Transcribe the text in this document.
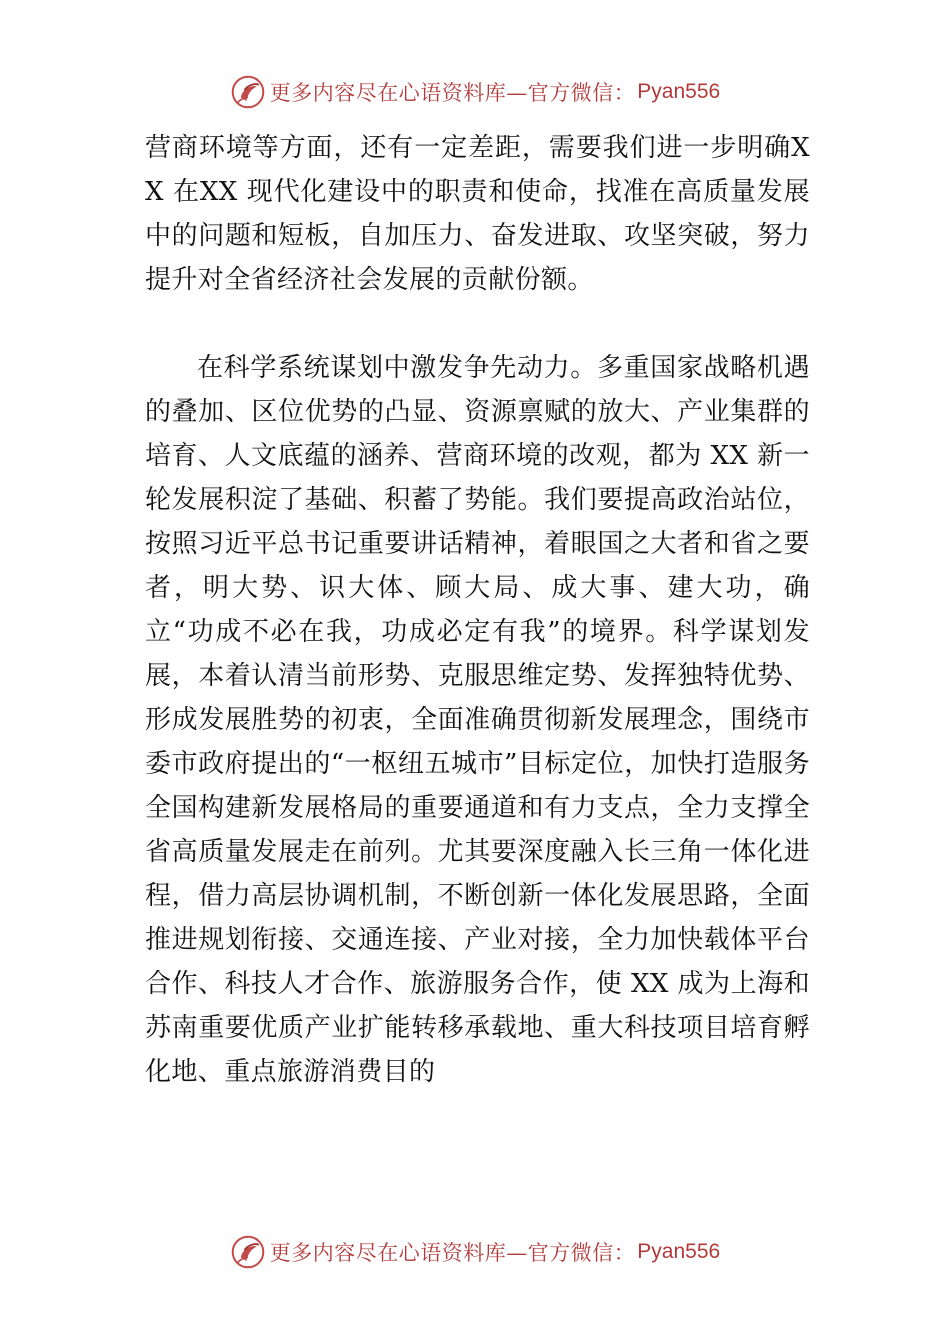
更多内容尽在心语资料库—官方微信： Pyan556

营商环境等方面，还有一定差距，需要我们进一步明确XX 在XX 现代化建设中的职责和使命，找准在高质量发展中的问题和短板，自加压力、奋发进取、攻坚突破，努力提升对全省经济社会发展的贡献份额。

在科学系统谋划中激发争先动力。多重国家战略机遇的叠加、区位优势的凸显、资源禀赋的放大、产业集群的培育、人文底蕴的涵养、营商环境的改观，都为 XX 新一轮发展积淀了基础、积蓄了势能。我们要提高政治站位，按照习近平总书记重要讲话精神，着眼国之大者和省之要者，明大势、识大体、顾大局、成大事、建大功，确立“功成不必在我，功成必定有我”的境界。科学谋划发展，本着认清当前形势、克服思维定势、发挥独特优势、形成发展胜势的初衷，全面准确贯彻新发展理念，围绕市委市政府提出的“一枢纽五城市”目标定位，加快打造服务全国构建新发展格局的重要通道和有力支点，全力支撑全省高质量发展走在前列。尤其要深度融入长三角一体化进程，借力高层协调机制，不断创新一体化发展思路，全面推进规划衔接、交通连接、产业对接，全力加快载体平台合作、科技人才合作、旅游服务合作，使 XX 成为上海和苏南重要优质产业扩能转移承载地、重大科技项目培育孵化地、重点旅游消费目的

更多内容尽在心语资料库—官方微信： Pyan556
